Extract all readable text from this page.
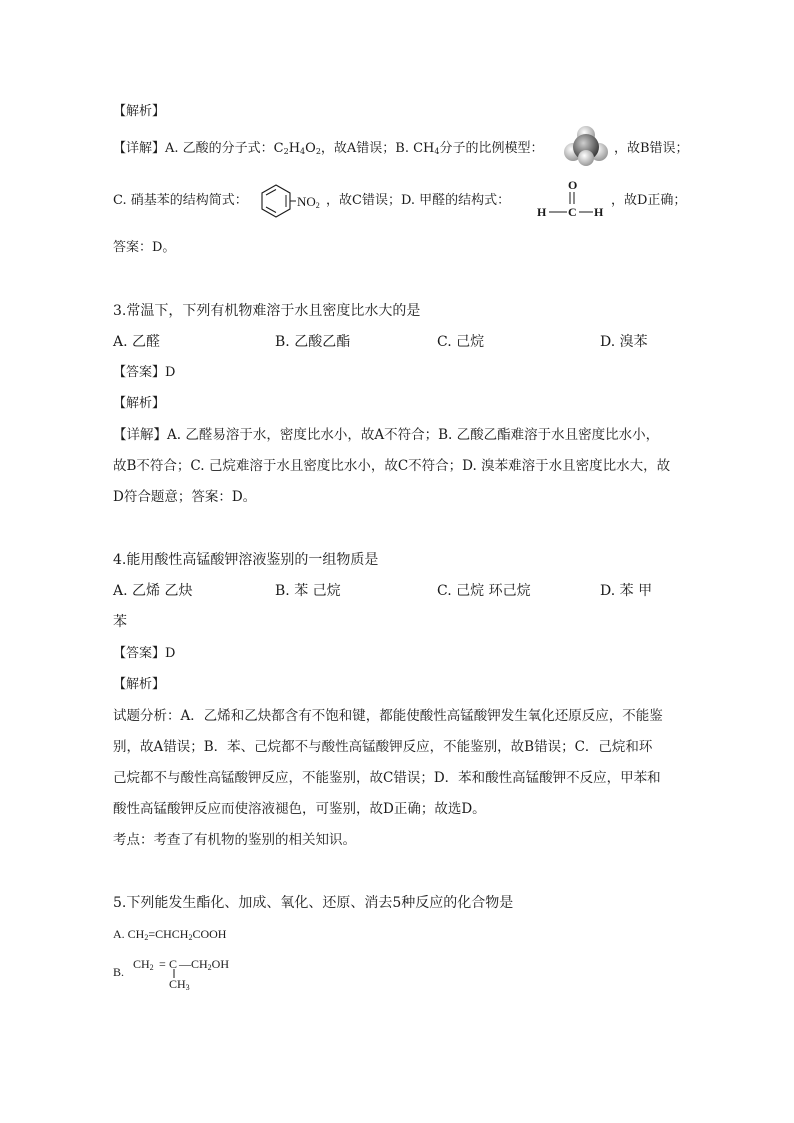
【解析】
【详解】A. 乙酸的分子式：$C_2H_4O_2$，故A错误；B. $CH_4$分子的比例模型：	，故B错误；
C. 硝基苯的结构简式：	$NO_2$ ，故C错误；D. 甲醛的结构式：
O
H C H
，故D正确；
答案：D。
3.常温下，下列有机物难溶于水且密度比水大的是
A. 乙醛	B. 乙酸乙酯	C. 己烷	D. 溴苯
【答案】D
【解析】
【详解】A. 乙醛易溶于水，密度比水小，故A不符合；B. 乙酸乙酯难溶于水且密度比水小，
故B不符合；C. 己烷难溶于水且密度比水小，故C不符合；D. 溴苯难溶于水且密度比水大，故
D符合题意；答案：D。
4.能用酸性高锰酸钾溶液鉴别的一组物质是
A. 乙烯 乙炔	B. 苯 己烷	C. 己烷 环己烷	D. 苯 甲
苯
【答案】D
【解析】
试题分析：A．乙烯和乙炔都含有不饱和键，都能使酸性高锰酸钾发生氧化还原反应，不能鉴
别，故A错误；B．苯、己烷都不与酸性高锰酸钾反应，不能鉴别，故B错误；C．己烷和环
己烷都不与酸性高锰酸钾反应，不能鉴别，故C错误；D．苯和酸性高锰酸钾不反应，甲苯和
酸性高锰酸钾反应而使溶液褪色，可鉴别，故D正确；故选D。
考点：考查了有机物的鉴别的相关知识。
5.下列能发生酯化、加成、氧化、还原、消去5种反应的化合物是
A. $CH_2=CHCH_2COOH$
B.
$CH_2 = C$ $—CH_2OH$
$CH_3$
